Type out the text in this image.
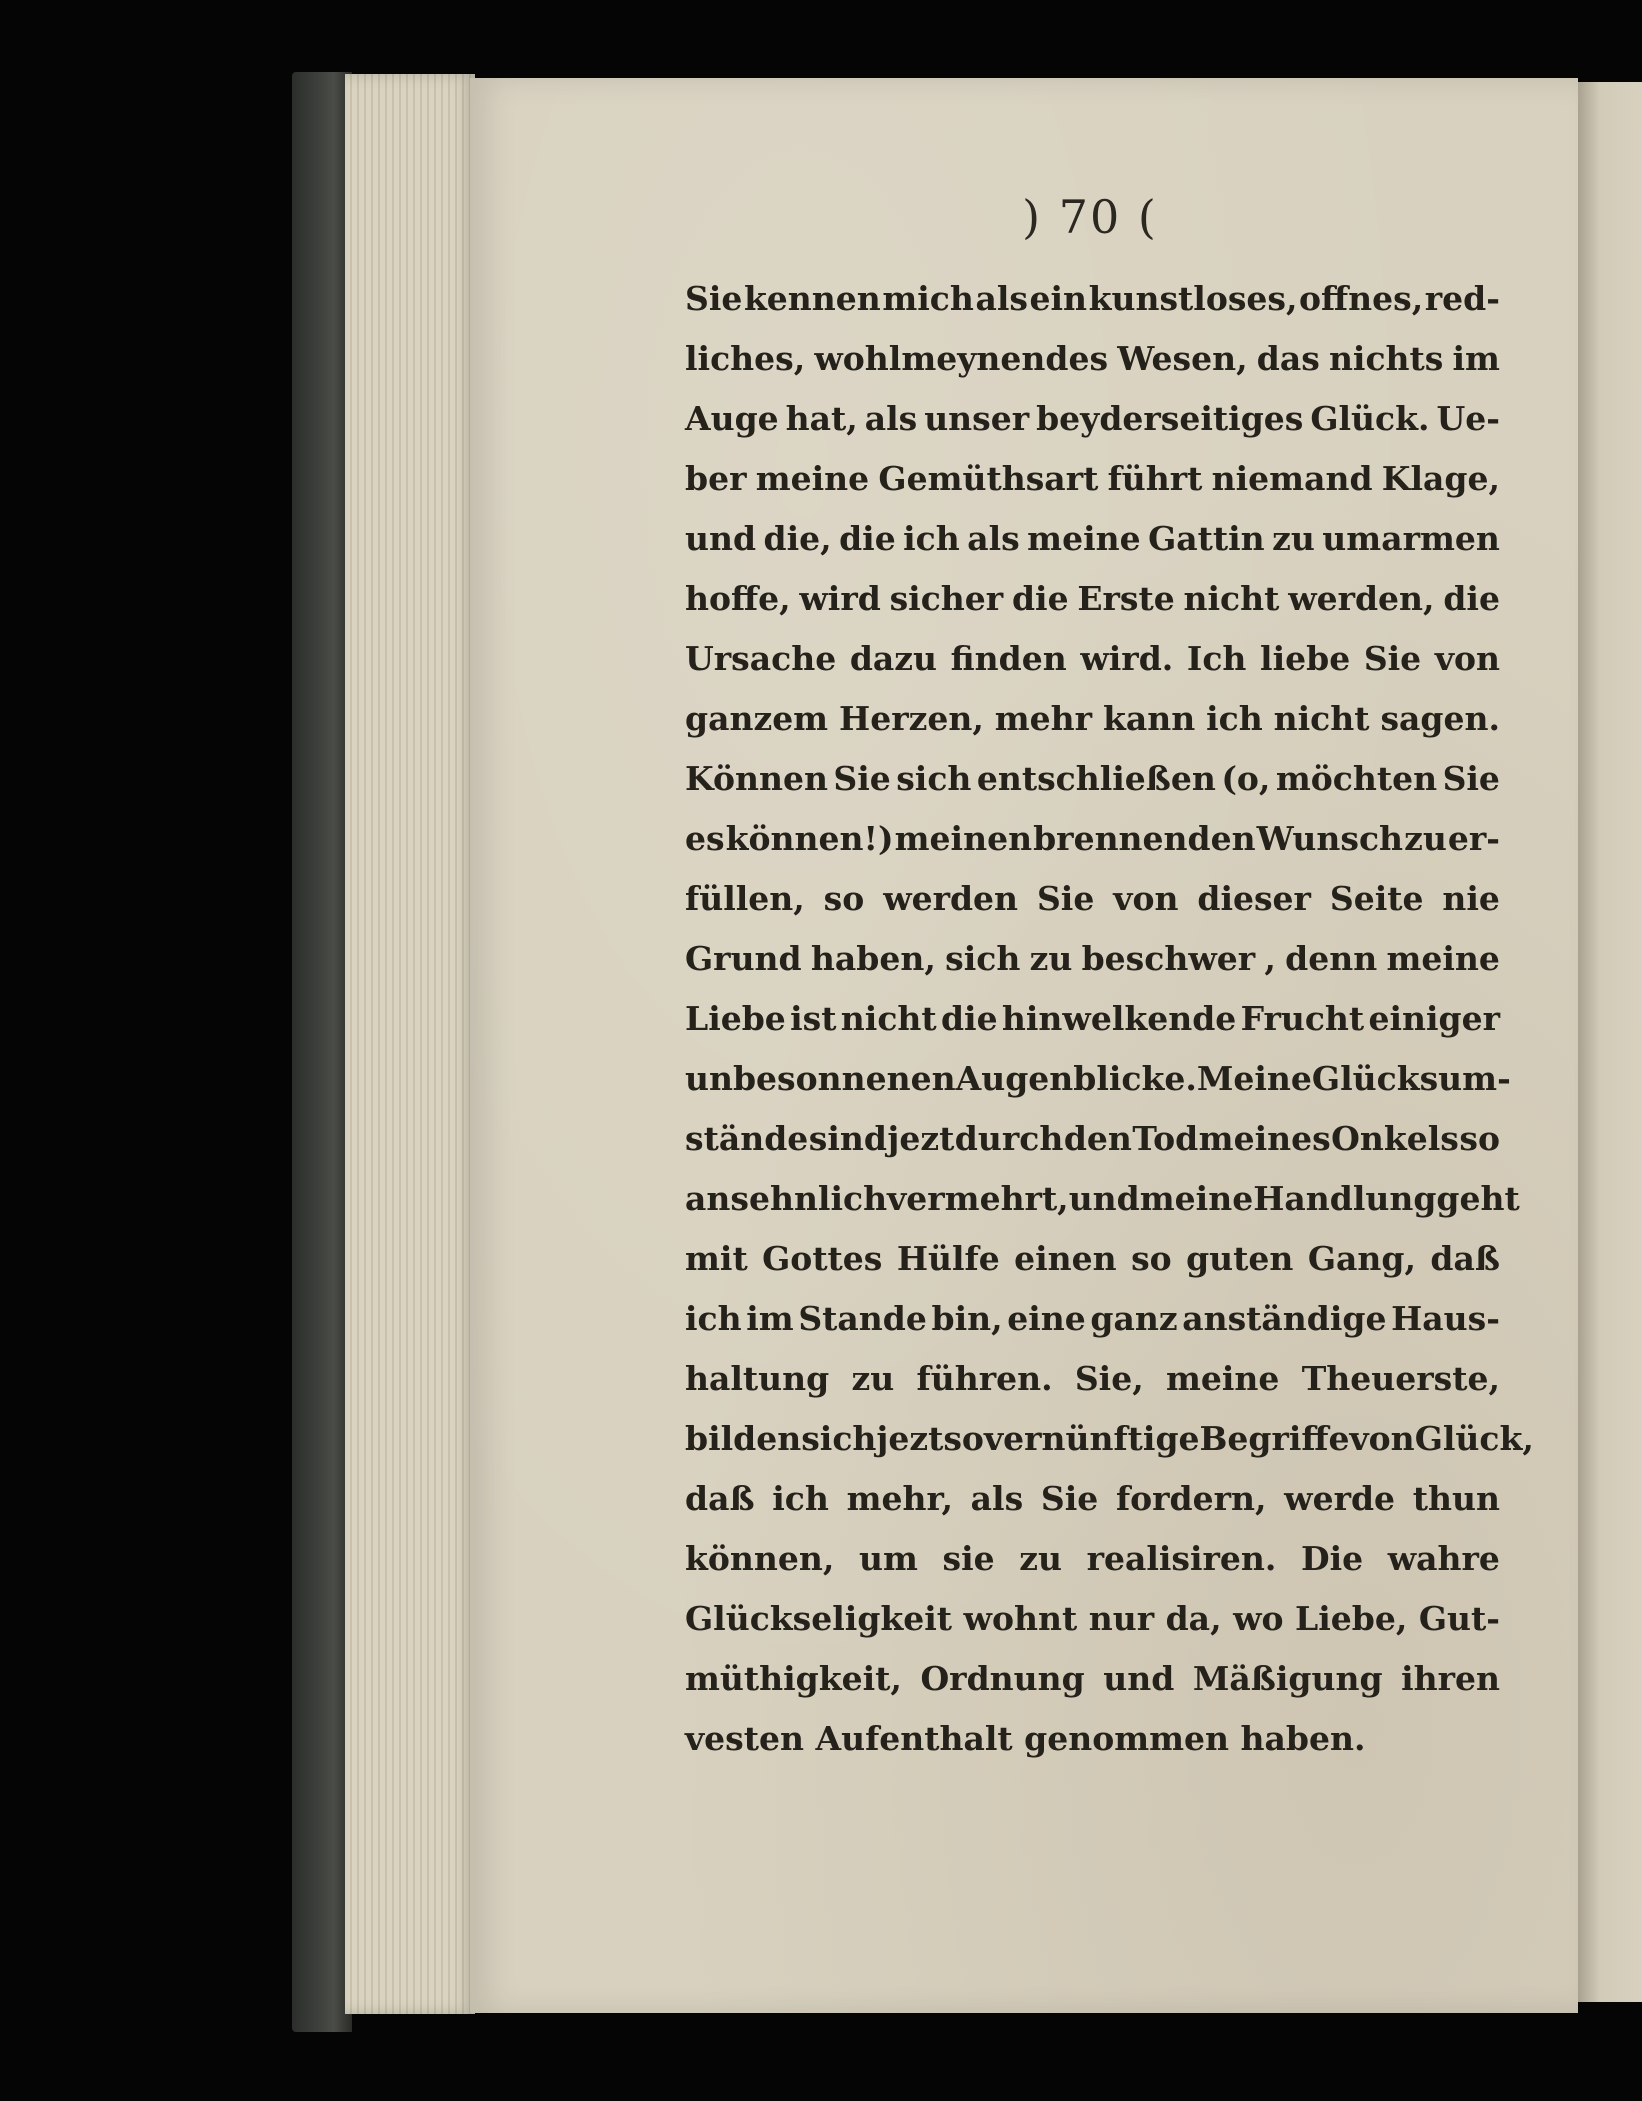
) 70 (
Sie kennen mich als ein kunstloses, offnes, red-
liches, wohlmeynendes Wesen, das nichts im
Auge hat, als unser beyderseitiges Glück. Ue-
ber meine Gemüthsart führt niemand Klage,
und die, die ich als meine Gattin zu umarmen
hoffe, wird sicher die Erste nicht werden, die
Ursache dazu finden wird. Ich liebe Sie von
ganzem Herzen, mehr kann ich nicht sagen.
Können Sie sich entschließen (o, möchten Sie
es können!) meinen brennenden Wunsch zu er-
füllen, so werden Sie von dieser Seite nie
Grund haben, sich zu beschwer , denn meine
Liebe ist nicht die hinwelkende Frucht einiger
unbesonnenen Augenblicke. Meine Glücksum-
stände sind jezt durch den Tod meines Onkels so
ansehnlich vermehrt, und meine Handlung geht
mit Gottes Hülfe einen so guten Gang, daß
ich im Stande bin, eine ganz anständige Haus-
haltung zu führen. Sie, meine Theuerste,
bilden sich jezt so vernünftige Begriffe von Glück,
daß ich mehr, als Sie fordern, werde thun
können, um sie zu realisiren. Die wahre
Glückseligkeit wohnt nur da, wo Liebe, Gut-
müthigkeit, Ordnung und Mäßigung ihren
vesten Aufenthalt genommen haben.
